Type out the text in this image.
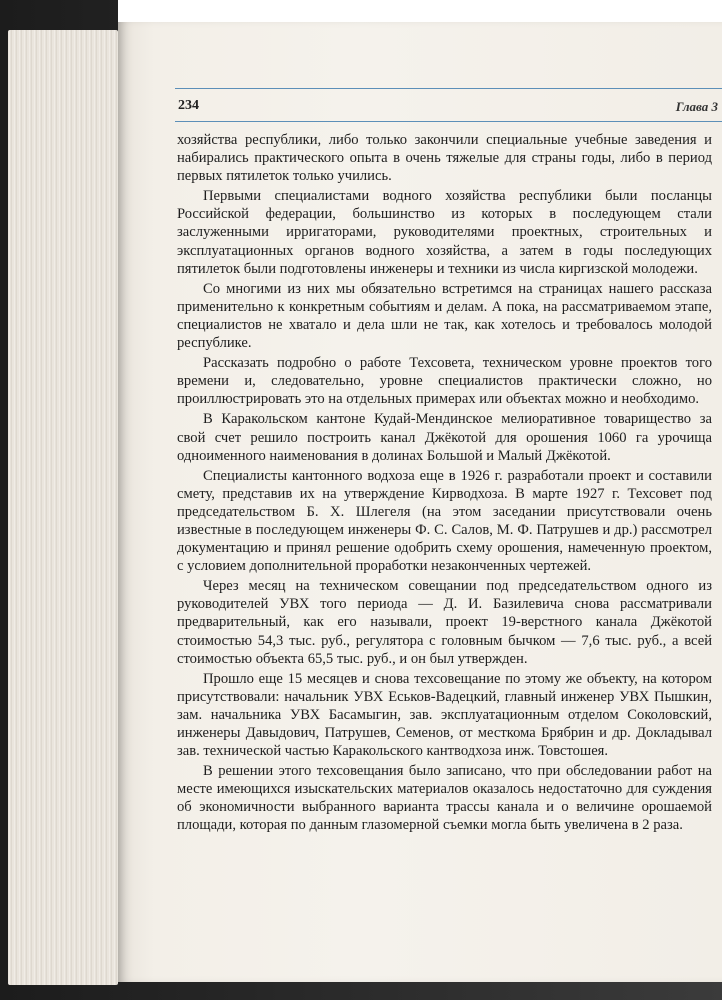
234	Глава 3

хозяйства республики, либо только закончили специальные учебные заведения и набирались практического опыта в очень тяжелые для страны годы, либо в период первых пятилеток только учились.

Первыми специалистами водного хозяйства республики были посланцы Российской федерации, большинство из которых в последующем стали заслуженными ирригаторами, руководителями проектных, строительных и эксплуатационных органов водного хозяйства, а затем в годы последующих пятилеток были подготовлены инженеры и техники из числа киргизской молодежи.

Со многими из них мы обязательно встретимся на страницах нашего рассказа применительно к конкретным событиям и делам. А пока, на рассматриваемом этапе, специалистов не хватало и дела шли не так, как хотелось и требовалось молодой республике.

Рассказать подробно о работе Техсовета, техническом уровне проектов того времени и, следовательно, уровне специалистов практически сложно, но проиллюстрировать это на отдельных примерах или объектах можно и необходимо.

В Каракольском кантоне Кудай-Мендинское мелиоративное товарищество за свой счет решило построить канал Джёкотой для орошения 1060 га урочища одноименного наименования в долинах Большой и Малый Джёкотой.

Специалисты кантонного водхоза еще в 1926 г. разработали проект и составили смету, представив их на утверждение Кирводхоза. В марте 1927 г. Техсовет под председательством Б. Х. Шлегеля (на этом заседании присутствовали очень известные в последующем инженеры Ф. С. Салов, М. Ф. Патрушев и др.) рассмотрел документацию и принял решение одобрить схему орошения, намеченную проектом, с условием дополнительной проработки незаконченных чертежей.

Через месяц на техническом совещании под председательством одного из руководителей УВХ того периода — Д. И. Базилевича снова рассматривали предварительный, как его называли, проект 19-верстного канала Джёкотой стоимостью 54,3 тыс. руб., регулятора с головным бычком — 7,6 тыс. руб., а всей стоимостью объекта 65,5 тыс. руб., и он был утвержден.

Прошло еще 15 месяцев и снова техсовещание по этому же объекту, на котором присутствовали: начальник УВХ Еськов-Вадецкий, главный инженер УВХ Пышкин, зам. начальника УВХ Басамыгин, зав. эксплуатационным отделом Соколовский, инженеры Давыдович, Патрушев, Семенов, от месткома Брябрин и др. Докладывал зав. технической частью Каракольского кантводхоза инж. Товстошея.

В решении этого техсовещания было записано, что при обследовании работ на месте имеющихся изыскательских материалов оказалось недостаточно для суждения об экономичности выбранного варианта трассы канала и о величине орошаемой площади, которая по данным глазомерной съемки могла быть увеличена в 2 раза.
